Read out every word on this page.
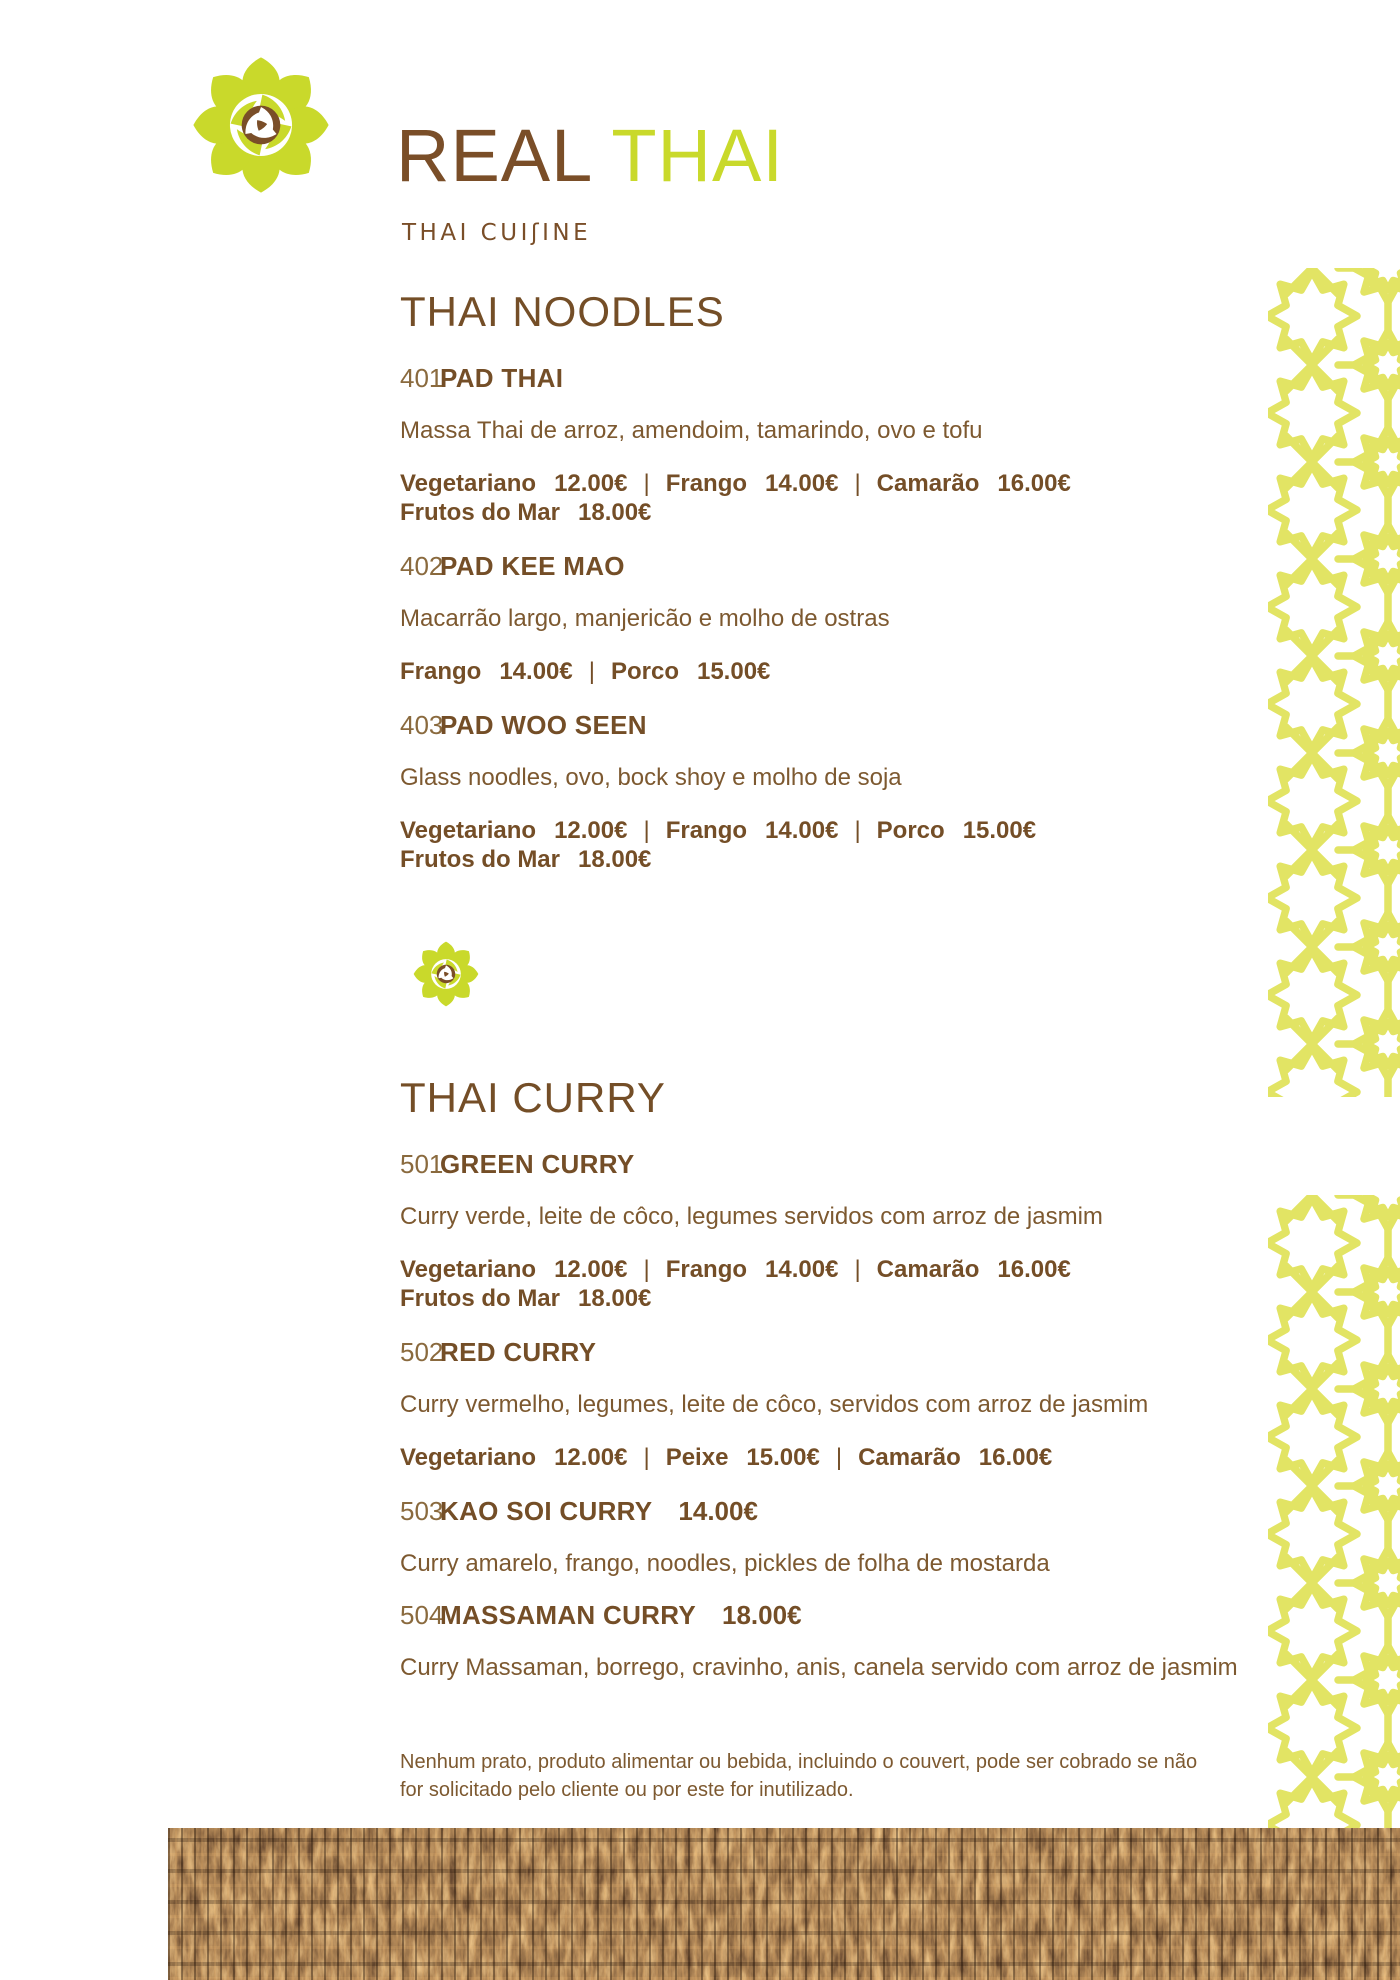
REAL THAI
THAI CUIʃINE
THAI NOODLES
401PAD THAI

Massa Thai de arroz, amendoim, tamarindo, ovo e tofu

Vegetariano 12.00€ | Frango 14.00€ | Camarão 16.00€
Frutos do Mar 18.00€
402PAD KEE MAO

Macarrão largo, manjericão e molho de ostras

Frango 14.00€ | Porco 15.00€
403PAD WOO SEEN

Glass noodles, ovo, bock shoy e molho de soja

Vegetariano 12.00€ | Frango 14.00€ | Porco 15.00€
Frutos do Mar 18.00€
THAI CURRY
501GREEN CURRY

Curry verde, leite de côco, legumes servidos com arroz de jasmim

Vegetariano 12.00€ | Frango 14.00€ | Camarão 16.00€
Frutos do Mar 18.00€
502RED CURRY

Curry vermelho, legumes, leite de côco, servidos com arroz de jasmim

Vegetariano 12.00€ | Peixe 15.00€ | Camarão 16.00€
503KAO SOI CURRY 14.00€

Curry amarelo, frango, noodles, pickles de folha de mostarda

504MASSAMAN CURRY 18.00€

Curry Massaman, borrego, cravinho, anis, canela servido com arroz de jasmim

Nenhum prato, produto alimentar ou bebida, incluindo o couvert, pode ser cobrado se não
for solicitado pelo cliente ou por este for inutilizado.
